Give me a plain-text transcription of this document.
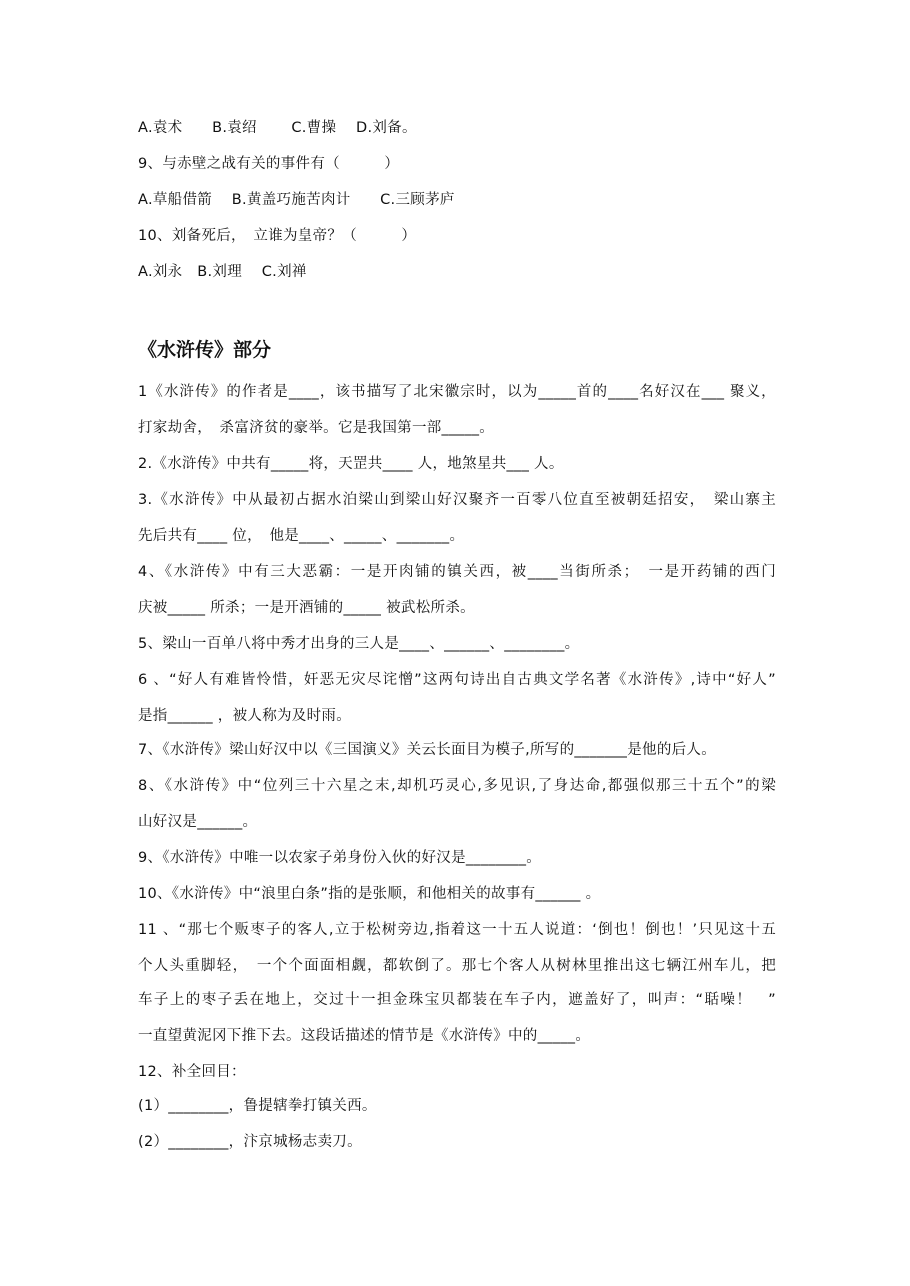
A.袁术　　B.袁绍　　 C.曹操　 D.刘备。
9、与赤壁之战有关的事件有（　　　）
A.草船借箭　 B.黄盖巧施苦肉计　　C.三顾茅庐
10、刘备死后，　立谁为皇帝？（　　　）
A.刘永　B.刘理　 C.刘禅
《水浒传》部分
1《水浒传》的作者是____，该书描写了北宋徽宗时，以为_____首的____名好汉在___ 聚义，
打家劫舍，　杀富济贫的豪举。它是我国第一部_____。
2.《水浒传》中共有_____将，天罡共____ 人，地煞星共___ 人。
3.《水浒传》中从最初占据水泊梁山到梁山好汉聚齐一百零八位直至被朝廷招安，　梁山寨主
先后共有____ 位，　他是____、_____、_______。
4、《水浒传》中有三大恶霸：一是开肉铺的镇关西，被____当街所杀；　一是开药铺的西门
庆被_____ 所杀；一是开酒铺的_____ 被武松所杀。
5、梁山一百单八将中秀才出身的三人是____、______、________。
6 、“好人有难皆怜惜，奸恶无灾尽诧憎”这两句诗出自古典文学名著《水浒传》,诗中“好人”
是指______ ，被人称为及时雨。
7、《水浒传》梁山好汉中以《三国演义》关云长面目为模子,所写的_______是他的后人。
8、《水浒传》中“位列三十六星之末,却机巧灵心,多见识,了身达命,都强似那三十五个”的梁
山好汉是______。
9、《水浒传》中唯一以农家子弟身份入伙的好汉是________。
10、《水浒传》中“浪里白条”指的是张顺，和他相关的故事有______ 。
11 、“那七个贩枣子的客人,立于松树旁边,指着这一十五人说道：‘倒也！倒也！’只见这十五
个人头重脚轻，　一个个面面相觑，都软倒了。那七个客人从树林里推出这七辆江州车儿，把
车子上的枣子丢在地上，交过十一担金珠宝贝都装在车子内，遮盖好了，叫声：“聒噪！　”
一直望黄泥冈下推下去。这段话描述的情节是《水浒传》中的_____。
12、补全回目：
(1）________，鲁提辖拳打镇关西。
(2）________，汴京城杨志卖刀。
